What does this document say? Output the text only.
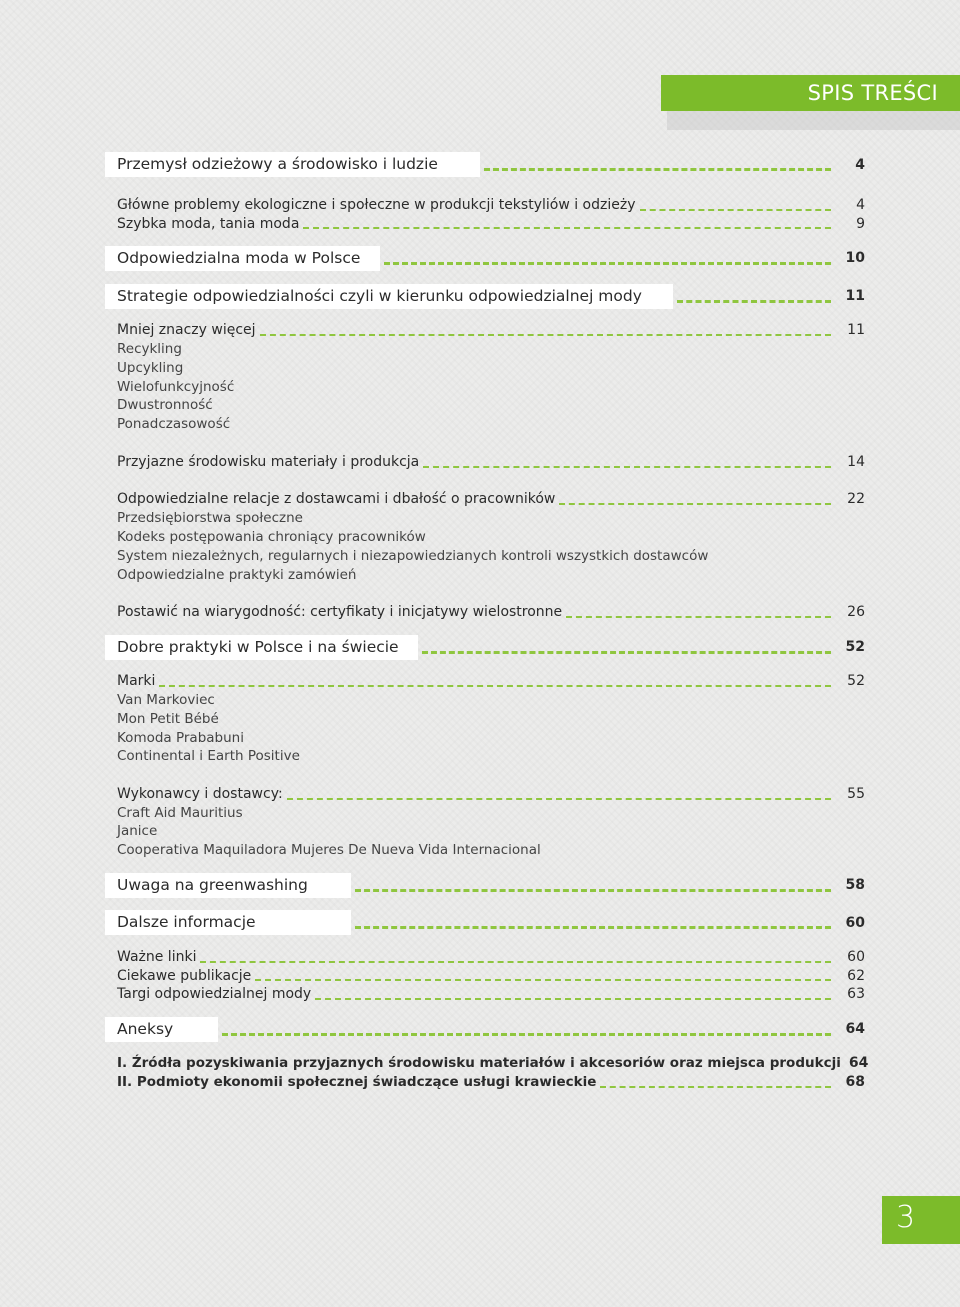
SPIS TREŚCI
Przemysł odzieżowy a środowisko i ludzie	4
Główne problemy ekologiczne i społeczne w produkcji tekstyliów i odzieży	4
Szybka moda, tania moda	9
Odpowiedzialna moda w Polsce	10
Strategie odpowiedzialności czyli w kierunku odpowiedzialnej mody	11
Mniej znaczy więcej	11
Recykling
Upcykling
Wielofunkcyjność
Dwustronność
Ponadczasowość
Przyjazne środowisku materiały i produkcja	14
Odpowiedzialne relacje z dostawcami i dbałość o pracowników	22
Przedsiębiorstwa społeczne
Kodeks postępowania chroniący pracowników
System niezależnych, regularnych i niezapowiedzianych kontroli wszystkich dostawców
Odpowiedzialne praktyki zamówień
Postawić na wiarygodność: certyfikaty i inicjatywy wielostronne	26
Dobre praktyki w Polsce i na świecie	52
Marki	52
Van Markoviec
Mon Petit Bébé
Komoda Prababuni
Continental i Earth Positive
Wykonawcy i dostawcy:	55
Craft Aid Mauritius
Janice
Cooperativa Maquiladora Mujeres De Nueva Vida Internacional
Uwaga na greenwashing	58
Dalsze informacje	60
Ważne linki	60
Ciekawe publikacje	62
Targi odpowiedzialnej mody	63
Aneksy	64
I. Źródła pozyskiwania przyjaznych środowisku materiałów i akcesoriów oraz miejsca produkcji 64
II. Podmioty ekonomii społecznej świadczące usługi krawieckie	68
3
